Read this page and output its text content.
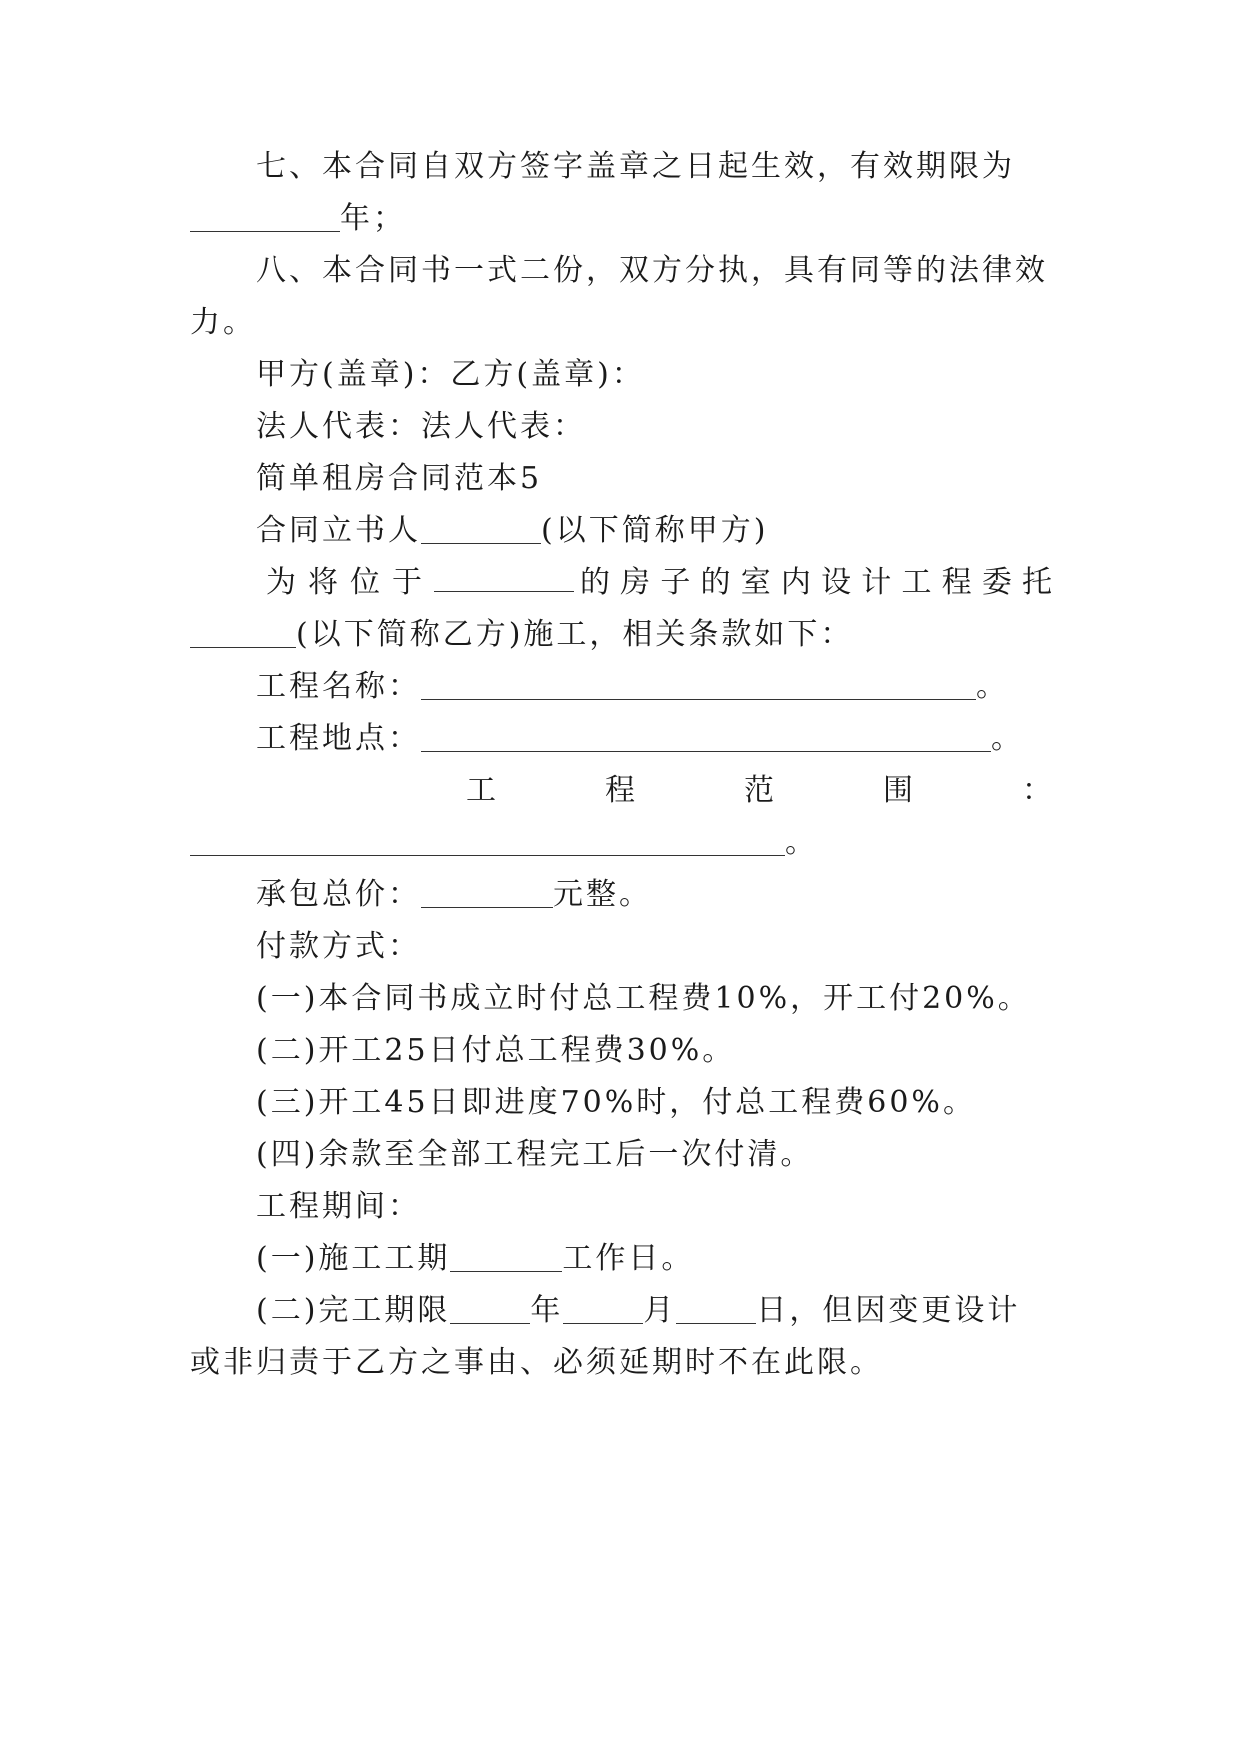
七、本合同自双方签字盖章之日起生效，有效期限为
年；
八、本合同书一式二份，双方分执，具有同等的法律效
力。
甲方(盖章)：乙方(盖章)：
法人代表：法人代表：
简单租房合同范本5
合同立书人	(以下简称甲方)
为将位于	的房子的室内设计工程委托
(以下简称乙方)施工，相关条款如下：
工程名称：	。
工程地点：	。
工	程	范	围	：
。
承包总价：	元整。
付款方式：
(一)本合同书成立时付总工程费10%，开工付20%。
(二)开工25日付总工程费30%。
(三)开工45日即进度70%时，付总工程费60%。
(四)余款至全部工程完工后一次付清。
工程期间：
(一)施工工期	工作日。
(二)完工期限	年	月	日，但因变更设计
或非归责于乙方之事由、必须延期时不在此限。
